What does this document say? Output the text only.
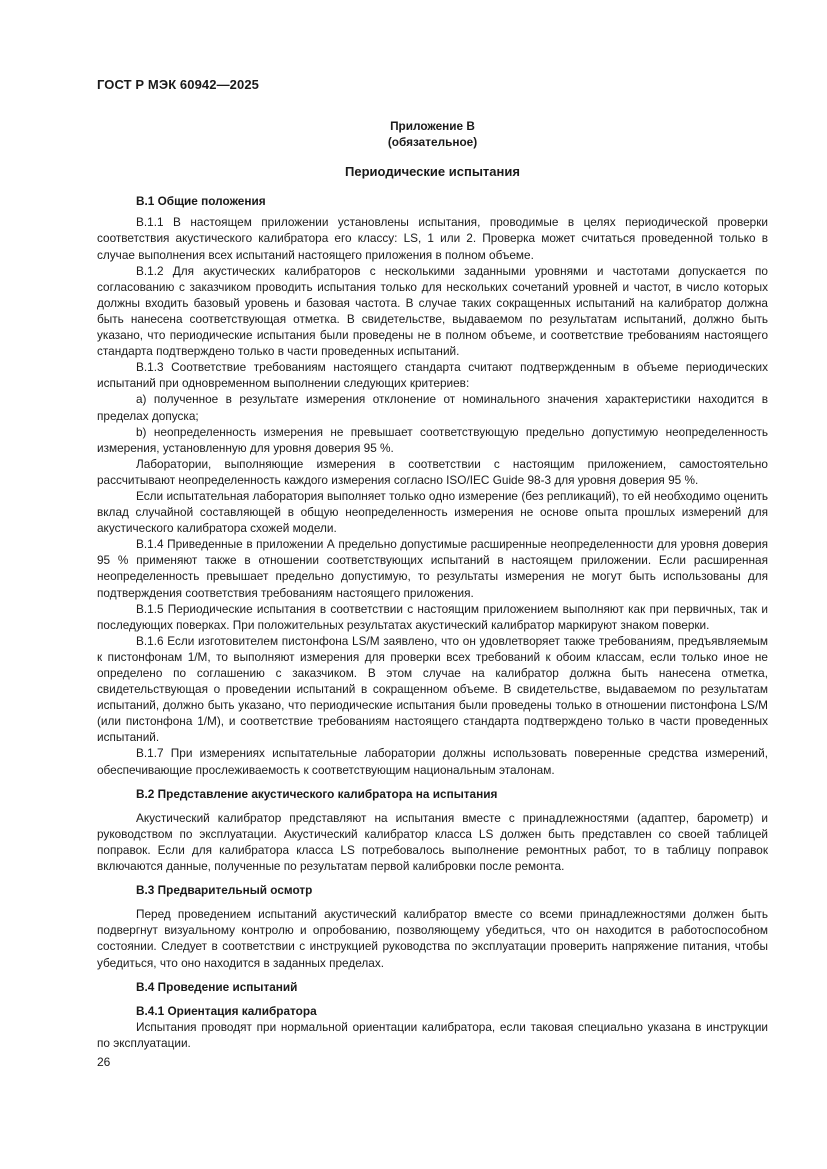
ГОСТ Р МЭК 60942—2025
Приложение В
(обязательное)
Периодические испытания
В.1 Общие положения

В.1.1 В настоящем приложении установлены испытания, проводимые в целях периодической проверки соответствия акустического калибратора его классу: LS, 1 или 2. Проверка может считаться проведенной только в случае выполнения всех испытаний настоящего приложения в полном объеме.

В.1.2 Для акустических калибраторов с несколькими заданными уровнями и частотами допускается по согласованию с заказчиком проводить испытания только для нескольких сочетаний уровней и частот, в число которых должны входить базовый уровень и базовая частота. В случае таких сокращенных испытаний на калибратор должна быть нанесена соответствующая отметка. В свидетельстве, выдаваемом по результатам испытаний, должно быть указано, что периодические испытания были проведены не в полном объеме, и соответствие требованиям настоящего стандарта подтверждено только в части проведенных испытаний.

В.1.3 Соответствие требованиям настоящего стандарта считают подтвержденным в объеме периодических испытаний при одновременном выполнении следующих критериев:

a) полученное в результате измерения отклонение от номинального значения характеристики находится в пределах допуска;

b) неопределенность измерения не превышает соответствующую предельно допустимую неопределенность измерения, установленную для уровня доверия 95 %.

Лаборатории, выполняющие измерения в соответствии с настоящим приложением, самостоятельно рассчитывают неопределенность каждого измерения согласно ISO/IEC Guide 98-3 для уровня доверия 95 %.

Если испытательная лаборатория выполняет только одно измерение (без репликаций), то ей необходимо оценить вклад случайной составляющей в общую неопределенность измерения не основе опыта прошлых измерений для акустического калибратора схожей модели.

В.1.4 Приведенные в приложении А предельно допустимые расширенные неопределенности для уровня доверия 95 % применяют также в отношении соответствующих испытаний в настоящем приложении. Если расширенная неопределенность превышает предельно допустимую, то результаты измерения не могут быть использованы для подтверждения соответствия требованиям настоящего приложения.

В.1.5 Периодические испытания в соответствии с настоящим приложением выполняют как при первичных, так и последующих поверках. При положительных результатах акустический калибратор маркируют знаком поверки.

В.1.6 Если изготовителем пистонфона LS/M заявлено, что он удовлетворяет также требованиям, предъявляемым к пистонфонам 1/M, то выполняют измерения для проверки всех требований к обоим классам, если только иное не определено по соглашению с заказчиком. В этом случае на калибратор должна быть нанесена отметка, свидетельствующая о проведении испытаний в сокращенном объеме. В свидетельстве, выдаваемом по результатам испытаний, должно быть указано, что периодические испытания были проведены только в отношении пистонфона LS/M (или пистонфона 1/M), и соответствие требованиям настоящего стандарта подтверждено только в части проведенных испытаний.

В.1.7 При измерениях испытательные лаборатории должны использовать поверенные средства измерений, обеспечивающие прослеживаемость к соответствующим национальным эталонам.

В.2 Представление акустического калибратора на испытания

Акустический калибратор представляют на испытания вместе с принадлежностями (адаптер, барометр) и руководством по эксплуатации. Акустический калибратор класса LS должен быть представлен со своей таблицей поправок. Если для калибратора класса LS потребовалось выполнение ремонтных работ, то в таблицу поправок включаются данные, полученные по результатам первой калибровки после ремонта.

В.3 Предварительный осмотр

Перед проведением испытаний акустический калибратор вместе со всеми принадлежностями должен быть подвергнут визуальному контролю и опробованию, позволяющему убедиться, что он находится в работоспособном состоянии. Следует в соответствии с инструкцией руководства по эксплуатации проверить напряжение питания, чтобы убедиться, что оно находится в заданных пределах.

В.4 Проведение испытаний
В.4.1 Ориентация калибратора

Испытания проводят при нормальной ориентации калибратора, если таковая специально указана в инструкции по эксплуатации.

26
